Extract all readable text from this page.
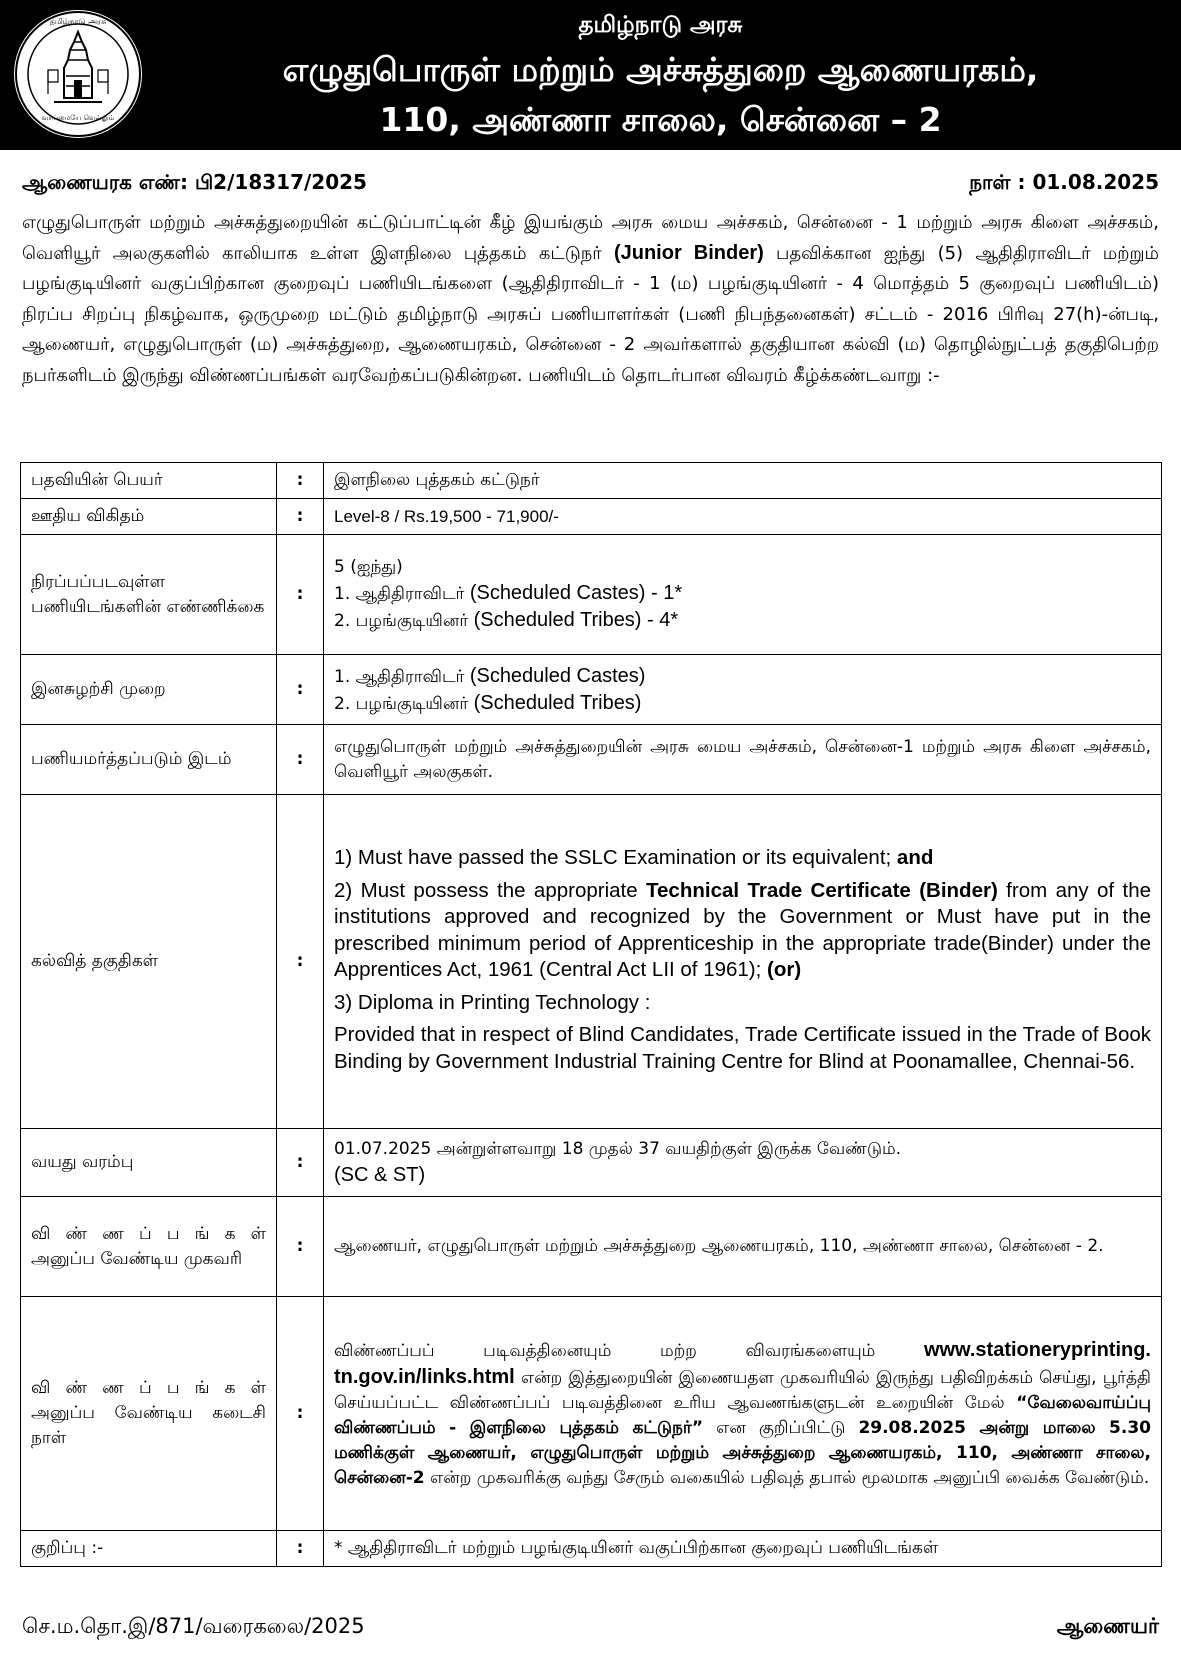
தமிழ்நாடு அரசு
வாய்மையே வெல்லும்
தமிழ்நாடு அரசு
எழுதுபொருள் மற்றும் அச்சுத்துறை ஆணையரகம்,
110, அண்ணா சாலை, சென்னை – 2
ஆணையரக எண்: பி2/18317/2025	நாள் : 01.08.2025
எழுதுபொருள் மற்றும் அச்சுத்துறையின் கட்டுப்பாட்டின் கீழ் இயங்கும் அரசு மைய அச்சகம், சென்னை - 1 மற்றும் அரசு கிளை அச்சகம், வெளியூர் அலகுகளில் காலியாக உள்ள இளநிலை புத்தகம் கட்டுநர் (Junior Binder) பதவிக்கான ஐந்து (5) ஆதிதிராவிடர் மற்றும் பழங்குடியினர் வகுப்பிற்கான குறைவுப் பணியிடங்களை (ஆதிதிராவிடர் - 1 (ம) பழங்குடியினர் - 4 மொத்தம் 5 குறைவுப் பணியிடம்) நிரப்ப சிறப்பு நிகழ்வாக, ஒருமுறை மட்டும் தமிழ்நாடு அரசுப் பணியாளர்கள் (பணி நிபந்தனைகள்) சட்டம் - 2016 பிரிவு 27(h)-ன்படி, ஆணையர், எழுதுபொருள் (ம) அச்சுத்துறை, ஆணையரகம், சென்னை - 2 அவர்களால் தகுதியான கல்வி (ம) தொழில்நுட்பத் தகுதிபெற்ற நபர்களிடம் இருந்து விண்ணப்பங்கள் வரவேற்கப்படுகின்றன. பணியிடம் தொடர்பான விவரம் கீழ்க்கண்டவாறு :-
பதவியின் பெயர்	:	இளநிலை புத்தகம் கட்டுநர்
ஊதிய விகிதம்	:	Level-8 / Rs.19,500 - 71,900/-
நிரப்பப்படவுள்ள பணியிடங்களின் எண்ணிக்கை	:	5 (ஐந்து)
1. ஆதிதிராவிடர் (Scheduled Castes) - 1*
2. பழங்குடியினர் (Scheduled Tribes) - 4*

இனசுழற்சி முறை	:	1. ஆதிதிராவிடர் (Scheduled Castes)
2. பழங்குடியினர் (Scheduled Tribes)

பணியமர்த்தப்படும் இடம்	:	எழுதுபொருள் மற்றும் அச்சுத்துறையின் அரசு மைய அச்சகம், சென்னை-1 மற்றும் அரசு கிளை அச்சகம், வெளியூர் அலகுகள்.
கல்வித் தகுதிகள்	:	1) Must have passed the SSLC Examination or its equivalent; and

2) Must possess the appropriate Technical Trade Certificate (Binder) from any of the institutions approved and recognized by the Government or Must have put in the prescribed minimum period of Apprenticeship in the appropriate trade(Binder) under the Apprentices Act, 1961 (Central Act LII of 1961); (or)

3) Diploma in Printing Technology :

Provided that in respect of Blind Candidates, Trade Certificate issued in the Trade of Book Binding by Government Industrial Training Centre for Blind at Poonamallee, Chennai-56.

வயது வரம்பு	:	01.07.2025 அன்றுள்ளவாறு 18 முதல் 37 வயதிற்குள் இருக்க வேண்டும்.
(SC & ST)

வி ண் ண ப் ப ங் க ள் அனுப்ப வேண்டிய முகவரி	:	ஆணையர், எழுதுபொருள் மற்றும் அச்சுத்துறை ஆணையரகம், 110, அண்ணா சாலை, சென்னை - 2.
வி ண் ண ப் ப ங் க ள் அனுப்ப வேண்டிய கடைசி நாள்	:	விண்ணப்பப் படிவத்தினையும் மற்ற விவரங்களையும் www.stationeryprinting. tn.gov.in/links.html என்ற இத்துறையின் இணையதள முகவரியில் இருந்து பதிவிறக்கம் செய்து, பூர்த்தி செய்யப்பட்ட விண்ணப்பப் படிவத்தினை உரிய ஆவணங்களுடன் உறையின் மேல் “வேலைவாய்ப்பு விண்ணப்பம் - இளநிலை புத்தகம் கட்டுநர்” என குறிப்பிட்டு 29.08.2025 அன்று மாலை 5.30 மணிக்குள் ஆணையர், எழுதுபொருள் மற்றும் அச்சுத்துறை ஆணையரகம், 110, அண்ணா சாலை, சென்னை-2 என்ற முகவரிக்கு வந்து சேரும் வகையில் பதிவுத் தபால் மூலமாக அனுப்பி வைக்க வேண்டும்.
குறிப்பு :-	:	* ஆதிதிராவிடர் மற்றும் பழங்குடியினர் வகுப்பிற்கான குறைவுப் பணியிடங்கள்
செ.ம.தொ.இ/871/வரைகலை/2025	ஆணையர்
